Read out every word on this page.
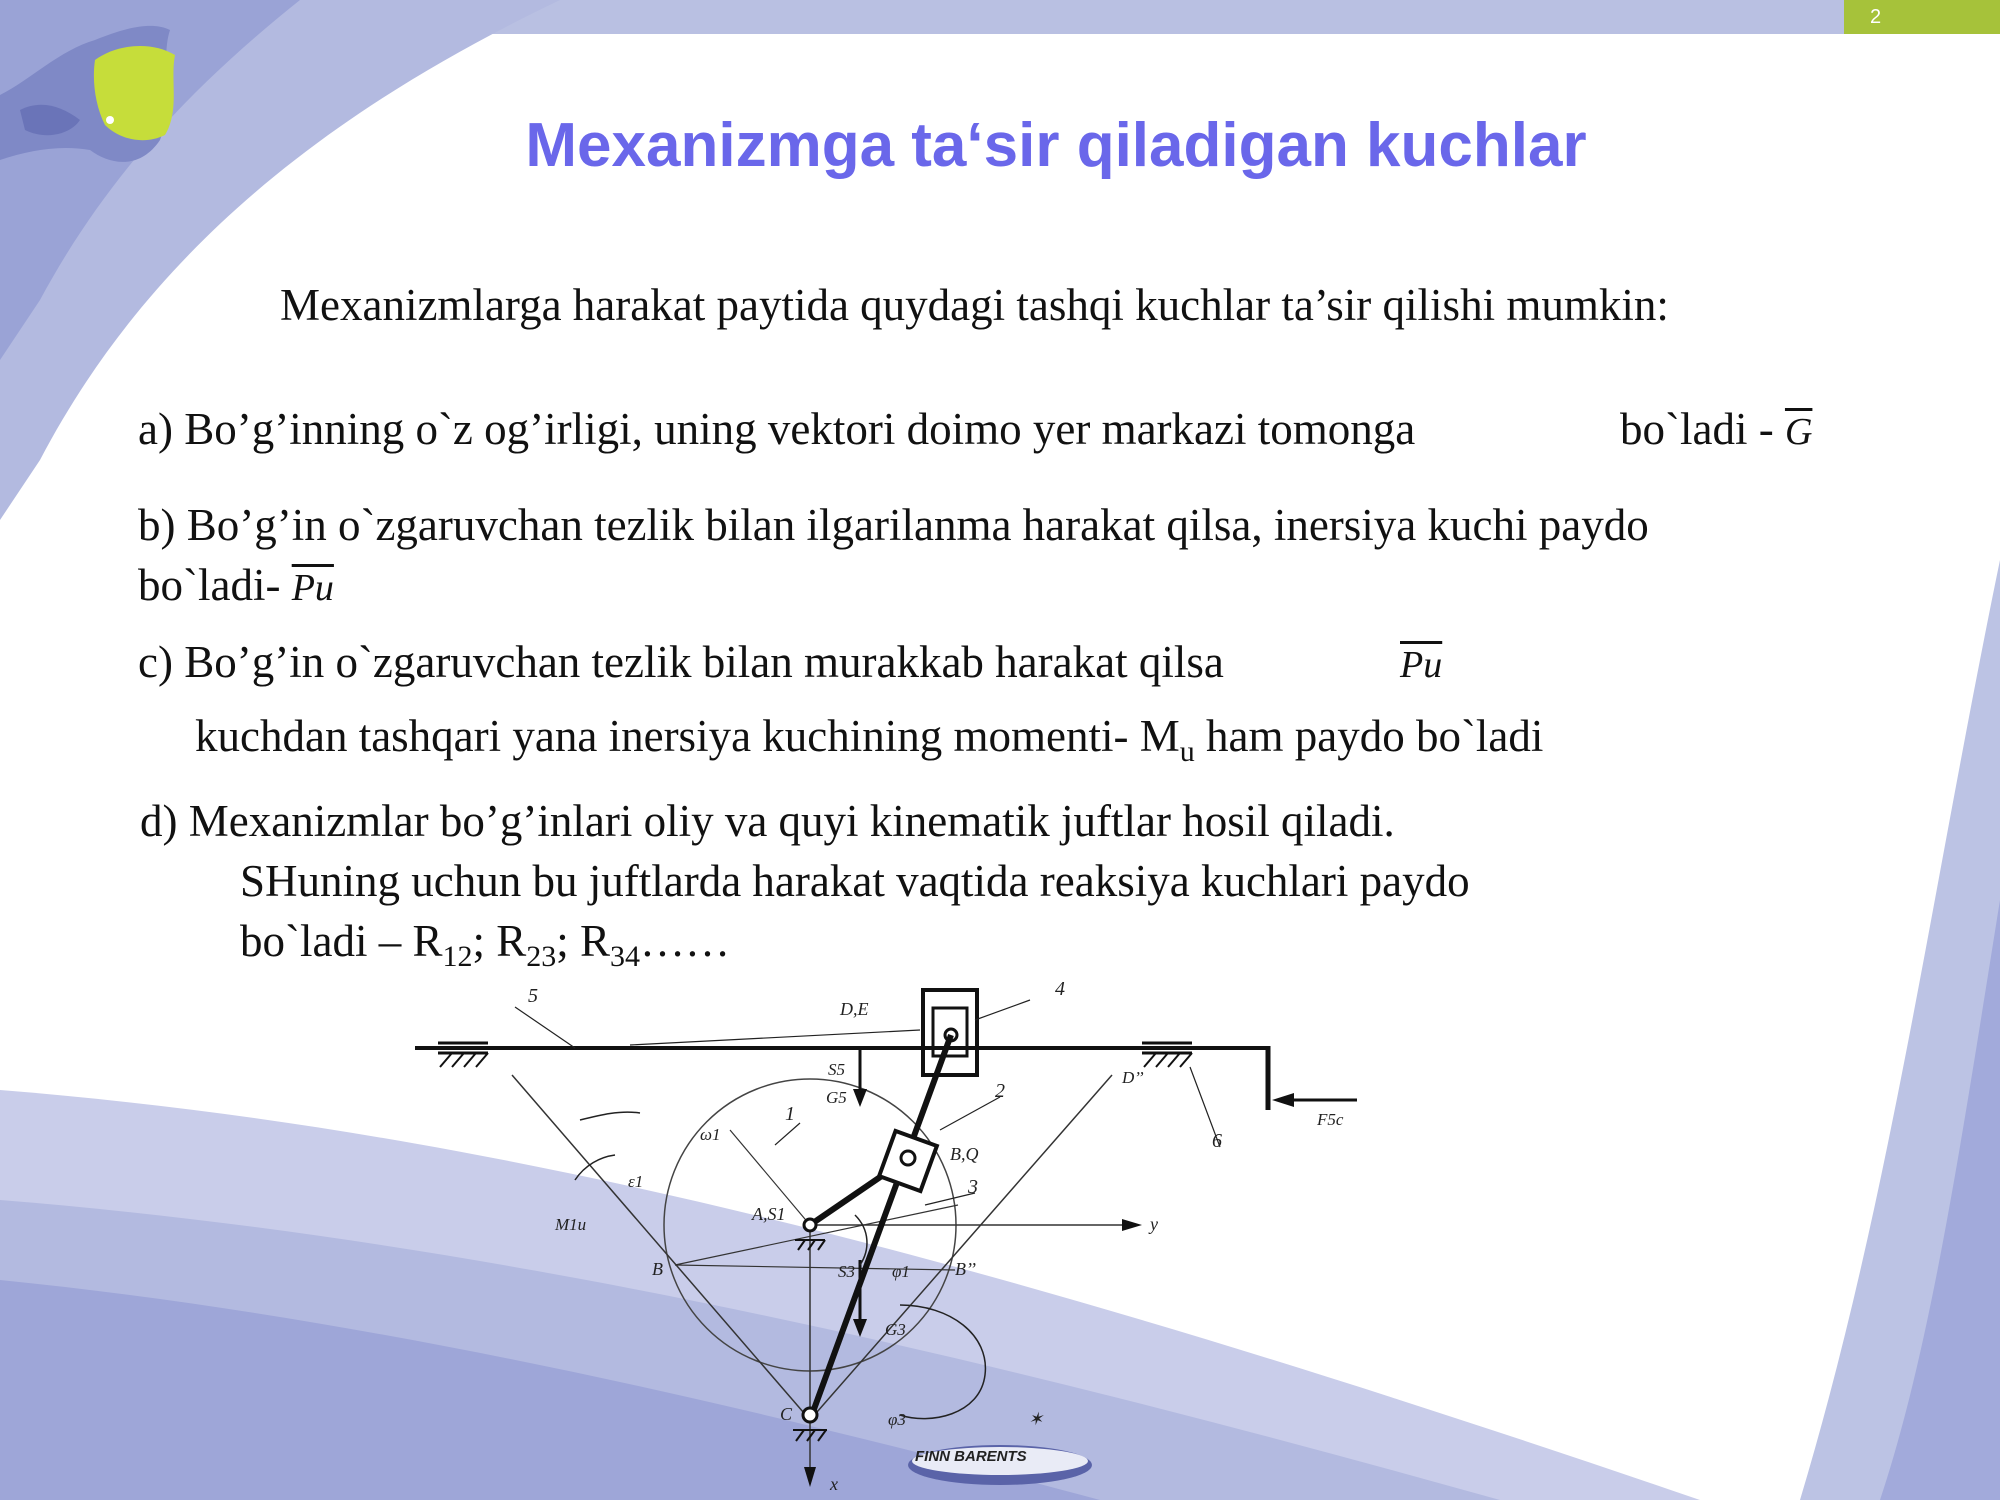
2
Mexanizmga ta‘sir qiladigan kuchlar
Mexanizmlarga harakat paytida quydagi tashqi kuchlar ta’sir qilishi mumkin:
a) Bo’g’inning o`z og’irligi, uning vektori doimo yer markazi tomonga	bo`ladi - $\overline{G}$
b) Bo’g’in o`zgaruvchan tezlik bilan ilgarilanma harakat qilsa, inersiya kuchi paydo
bo`ladi- $\overline{Pu}$
c) Bo’g’in o`zgaruvchan tezlik bilan murakkab harakat qilsa	$\overline{Pu}$
kuchdan tashqari yana inersiya kuchining momenti- $M_u$ ham paydo bo`ladi
d) Mexanizmlar bo’g’inlari oliy va quyi kinematik juftlar hosil qiladi.
SHuning uchun bu juftlarda harakat vaqtida reaksiya kuchlari paydo
bo`ladi – $R_{12}$; $R_{23}$; $R_{34}\dots\dots$
5
D,E
4
S5
G5
D’’
6
F5c
2
1
ω1
B,Q
ε1	3
A,S1	y
M1u
B	B’’
S3 φ1
G3
C	φ3
x
FINN BARENTS
✶
